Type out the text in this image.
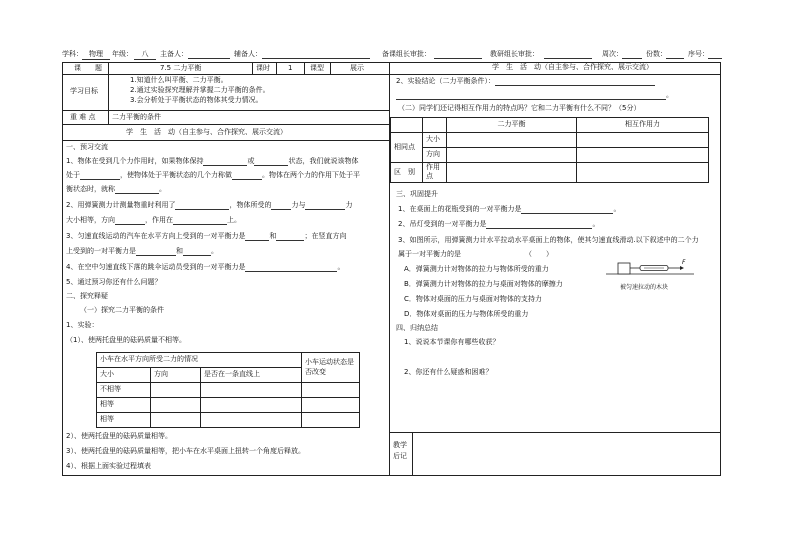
学科： 物理	年级：	八	主备人：	辅备人：	备课组长审批：	教研组长审批：	周次：	份数：	序号：
课　　题	7.5 二力平衡	课时	1	课型	展示
学习目标
1.知道什么叫平衡、二力平衡。
2.通过实验探究理解并掌握二力平衡的条件。
3.会分析处于平衡状态的物体其受力情况。
重 难 点 二力平衡的条件
学　生　活　动（自主参与、合作探究、展示交流）
一、预习交流
1、物体在受到几个力作用时，如果物体保持	或	状态，我们就说该物体
处于	，使物体处于平衡状态的几个力称做	。物体在两个力的作用下处于平
衡状态时，就称	。
2、用弹簧测力计测量物重时利用了	，物体所受的	力与	力
大小相等，方向	，作用在	上。
3、匀速直线运动的汽车在水平方向上受到的一对平衡力是	和	；在竖直方向
上受到的一对平衡力是	和	。
4、在空中匀速直线下落的跳伞运动员受到的一对平衡力是	。
5、通过预习你还有什么问题？
二、探究释疑
（一）探究二力平衡的条件
1、实验：
（1）、使两托盘里的砝码质量不相等。
小车在水平方向所受二力的情况			小车运动状态是否改变
大小	方向	是否在一条直线上	
不相等			
相等			
相等			
2）、使两托盘里的砝码质量相等。
3）、使两托盘里的砝码质量相等，把小车在水平桌面上扭转一个角度后释放。
4）、根据上面实验过程填表
学　生　活　动（自主参与、合作探究、展示交流）
2、实验结论（二力平衡条件）：
。
（二）同学们还记得相互作用力的特点吗？它和二力平衡有什么不同？（5分）
		二力平衡	相互作用力
相同点	大小		
	方向		
区　别	作用点		
三、巩固提升
1、在桌面上的花瓶受到的一对平衡力是	。
2、吊灯受到的一对平衡力是	。
3、如图所示，用弹簧测力计水平拉动水平桌面上的物体，使其匀速直线滑动.以下叙述中的二个力
属于一对平衡力的是	（　　）
A．弹簧测力计对物体的拉力与物体所受的重力
B．弹簧测力计对物体的拉力与桌面对物体的摩擦力
C．物体对桌面的压力与桌面对物体的支持力
D．物体对桌面的压力与物体所受的重力
F
被匀速拉动的木块
四、归纳总结
1、说说本节课你有哪些收获？
2、你还有什么疑惑和困难？
教学
后记
